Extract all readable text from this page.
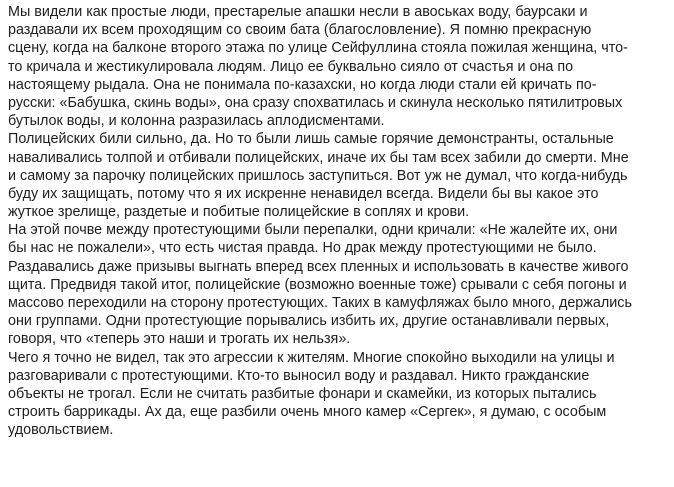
Мы видели как простые люди, престарелые апашки несли в авоськах воду, баурсаки и
раздавали их всем проходящим со своим бата (благословление). Я помню прекрасную
сцену, когда на балконе второго этажа по улице Сейфуллина стояла пожилая женщина, что-
то кричала и жестикулировала людям. Лицо ее буквально сияло от счастья и она по
настоящему рыдала. Она не понимала по-казахски, но когда люди стали ей кричать по-
русски: «Бабушка, скинь воды», она сразу спохватилась и скинула несколько пятилитровых
бутылок воды, и колонна разразилась аплодисментами.
Полицейских били сильно, да. Но то были лишь самые горячие демонстранты, остальные
наваливались толпой и отбивали полицейских, иначе их бы там всех забили до смерти. Мне
и самому за парочку полицейских пришлось заступиться. Вот уж не думал, что когда-нибудь
буду их защищать, потому что я их искренне ненавидел всегда. Видели бы вы какое это
жуткое зрелище, раздетые и побитые полицейские в соплях и крови.
На этой почве между протестующими были перепалки, одни кричали: «Не жалейте их, они
бы нас не пожалели», что есть чистая правда. Но драк между протестующими не было.
Раздавались даже призывы выгнать вперед всех пленных и использовать в качестве живого
щита. Предвидя такой итог, полицейские (возможно военные тоже) срывали с себя погоны и
массово переходили на сторону протестующих. Таких в камуфляжах было много, держались
они группами. Одни протестующие порывались избить их, другие останавливали первых,
говоря, что «теперь это наши и трогать их нельзя».
Чего я точно не видел, так это агрессии к жителям. Многие спокойно выходили на улицы и
разговаривали с протестующими. Кто-то выносил воду и раздавал. Никто гражданские
объекты не трогал. Если не считать разбитые фонари и скамейки, из которых пытались
строить баррикады. Ах да, еще разбили очень много камер «Сергек», я думаю, с особым
удовольствием.
